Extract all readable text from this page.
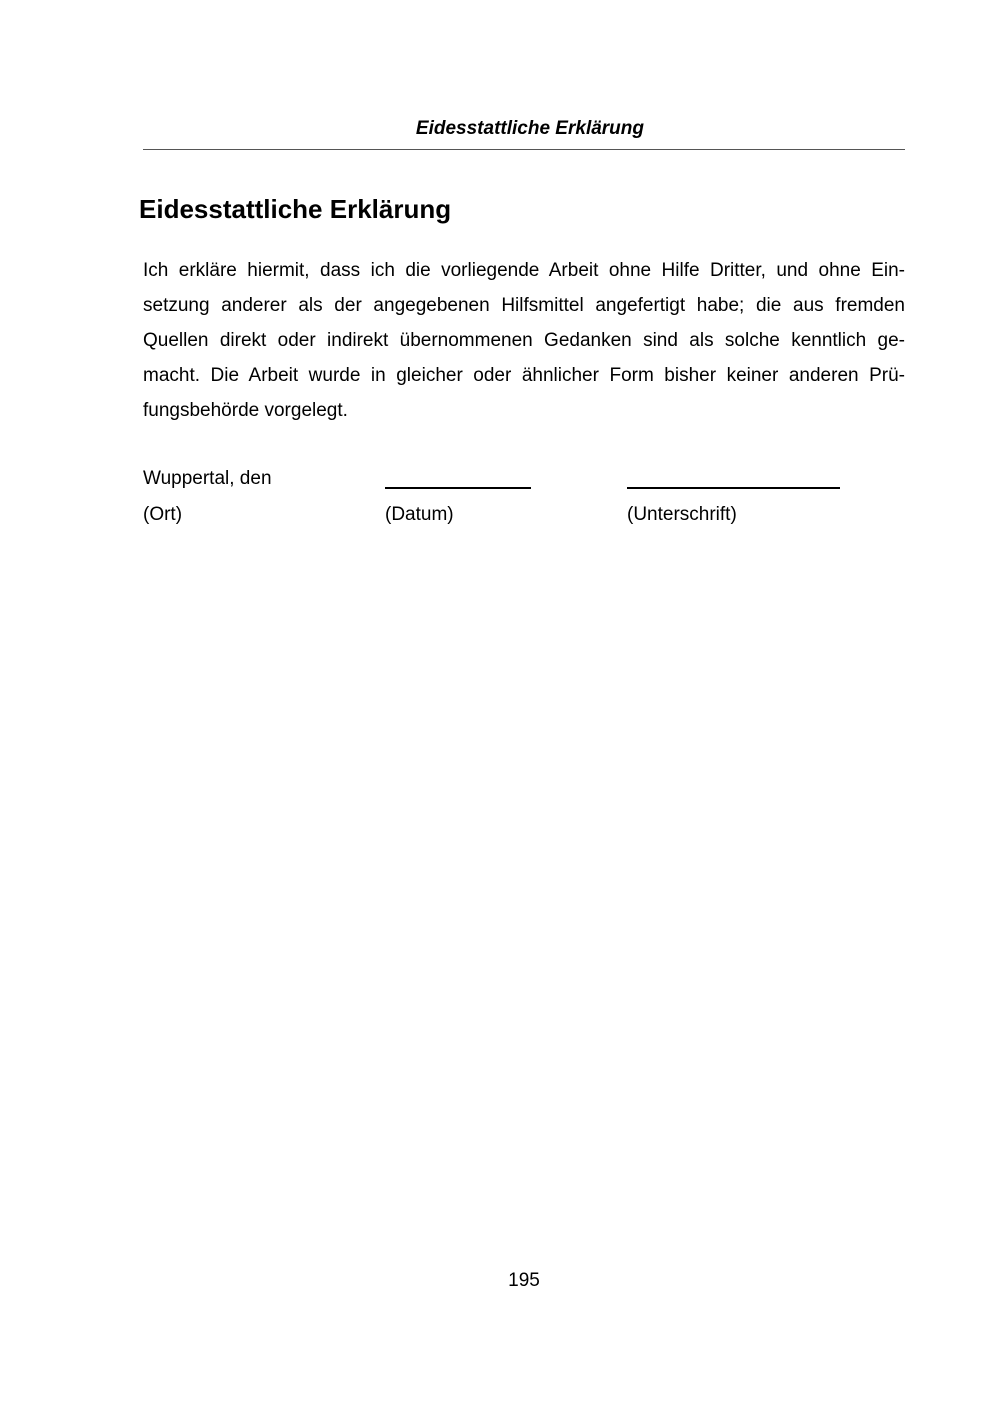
Eidesstattliche Erklärung
Eidesstattliche Erklärung

Ich erkläre hiermit, dass ich die vorliegende Arbeit ohne Hilfe Dritter, und ohne Ein-
setzung anderer als der angegebenen Hilfsmittel angefertigt habe; die aus fremden
Quellen direkt oder indirekt übernommenen Gedanken sind als solche kenntlich ge-
macht. Die Arbeit wurde in gleicher oder ähnlicher Form bisher keiner anderen Prü-
fungsbehörde vorgelegt.

Wuppertal, den
(Ort)	(Datum)	(Unterschrift)
195
